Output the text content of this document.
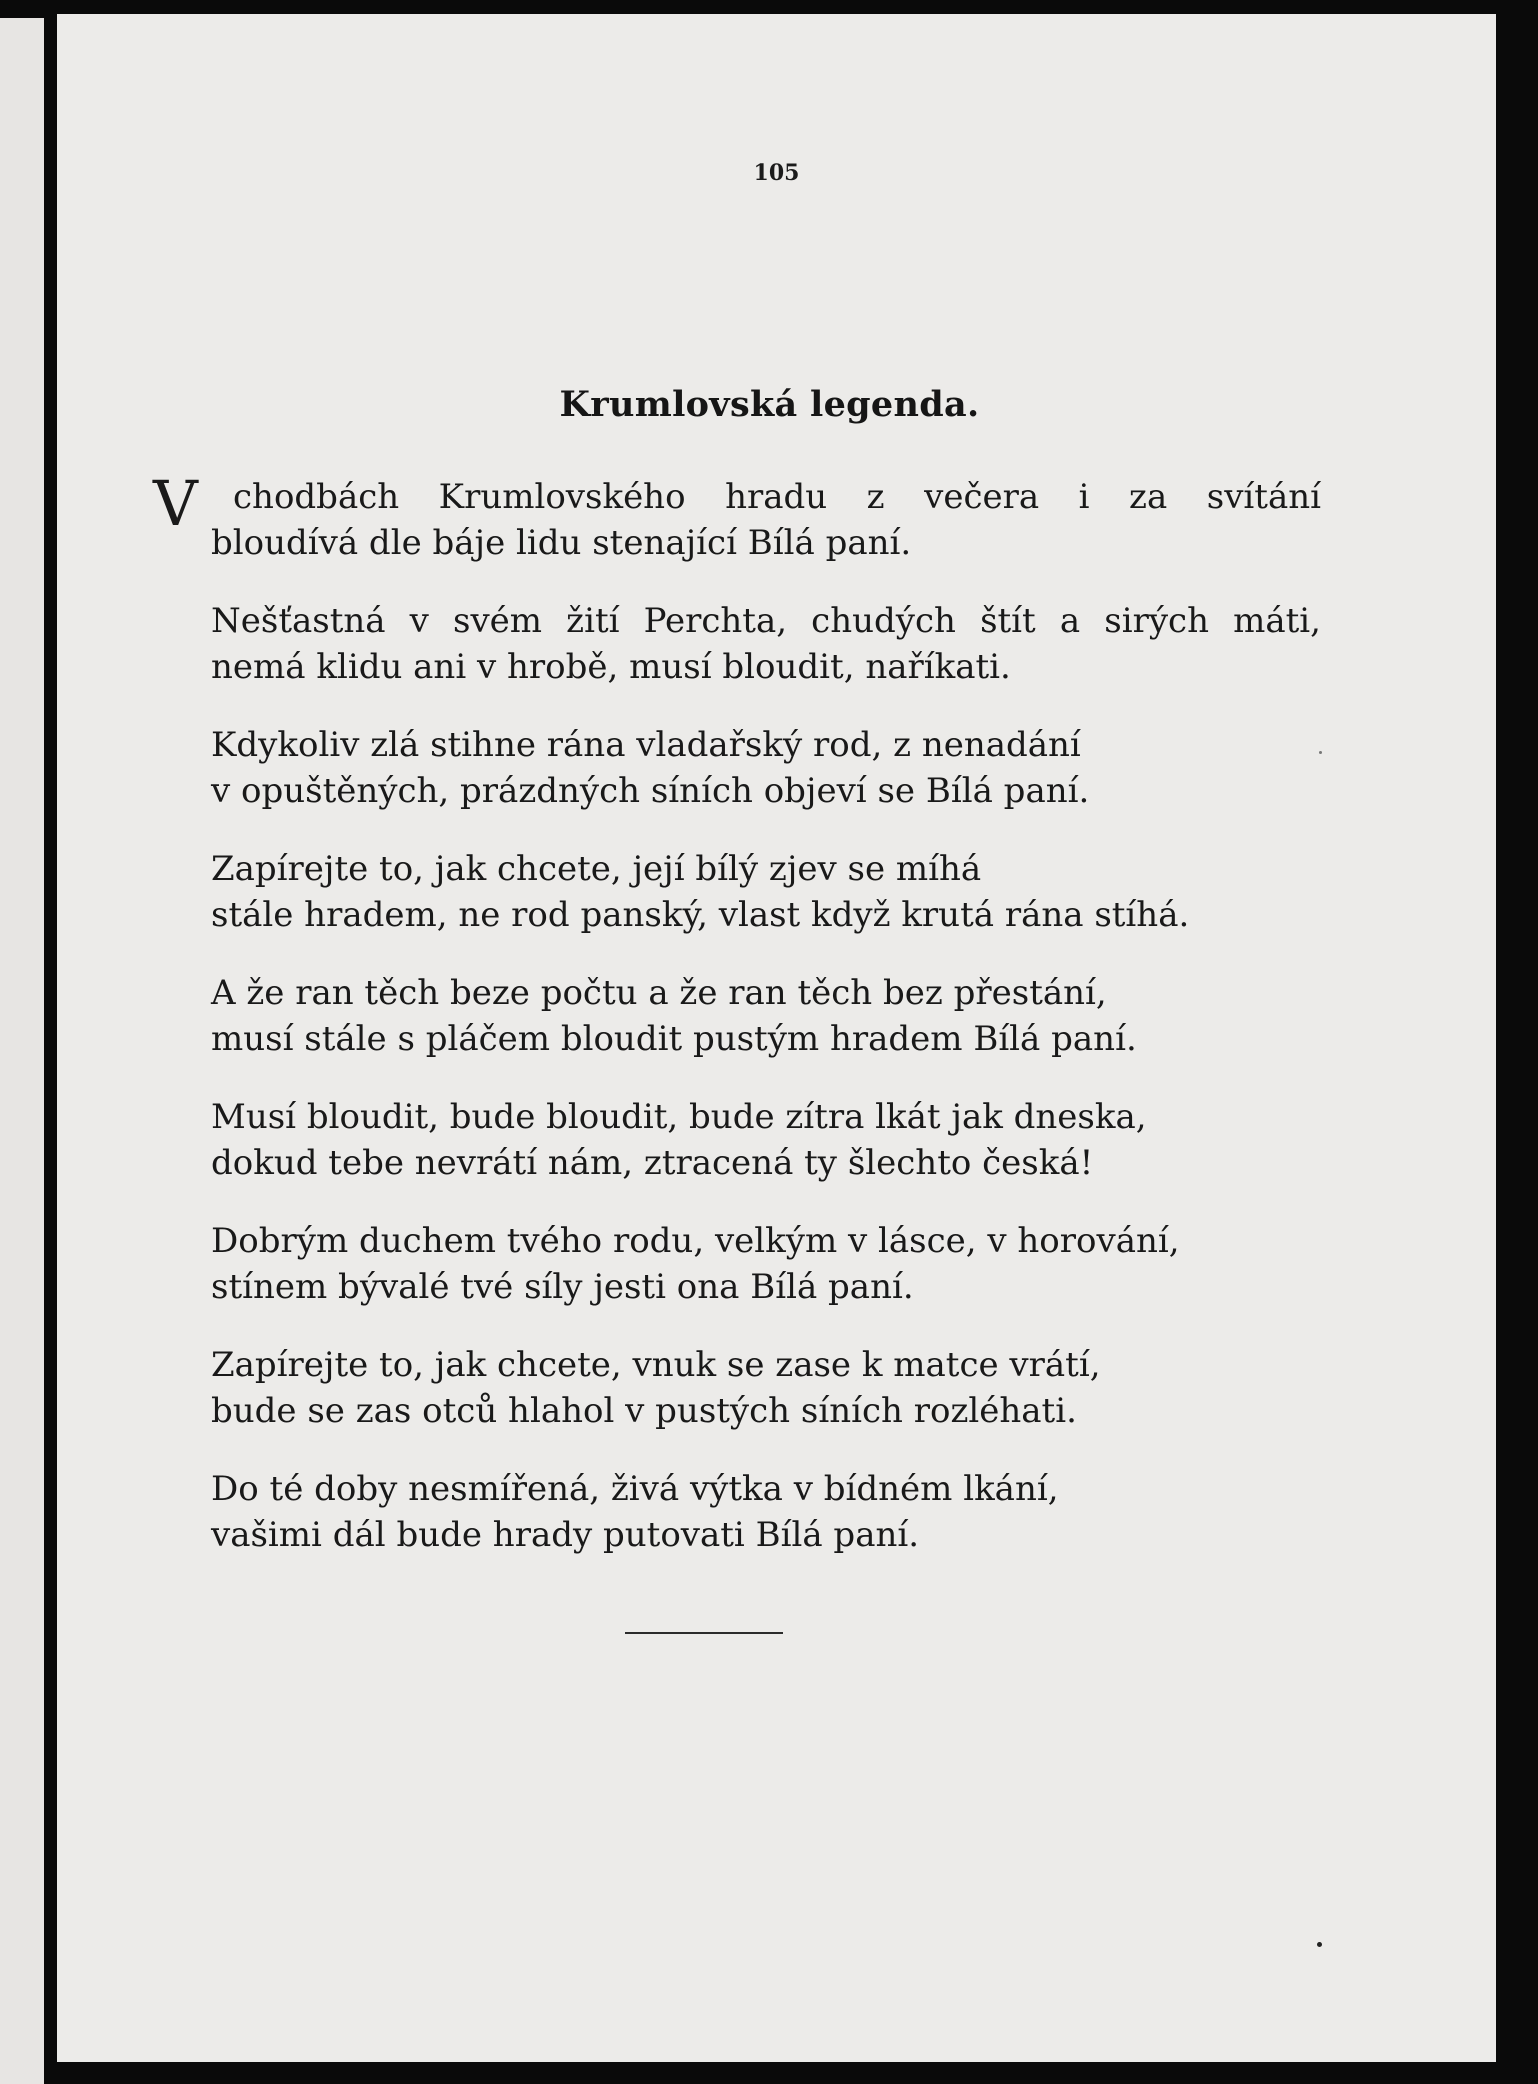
105
Krumlovská legenda.
V	chodbách Krumlovského hradu z večera i za svítání
bloudívá dle báje lidu stenající Bílá paní.

Nešťastná v svém žití Perchta, chudých štít a sirých máti,
nemá klidu ani v hrobě, musí bloudit, naříkati.

Kdykoliv zlá stihne rána vladařský rod, z nenadání
v opuštěných, prázdných síních objeví se Bílá paní.

Zapírejte to, jak chcete, její bílý zjev se míhá
stále hradem, ne rod panský, vlast když krutá rána stíhá.

A že ran těch beze počtu a že ran těch bez přestání,
musí stále s pláčem bloudit pustým hradem Bílá paní.

Musí bloudit, bude bloudit, bude zítra lkát jak dneska,
dokud tebe nevrátí nám, ztracená ty šlechto česká!

Dobrým duchem tvého rodu, velkým v lásce, v horování,
stínem bývalé tvé síly jesti ona Bílá paní.

Zapírejte to, jak chcete, vnuk se zase k matce vrátí,
bude se zas otců hlahol v pustých síních rozléhati.

Do té doby nesmířená, živá výtka v bídném lkání,
vašimi dál bude hrady putovati Bílá paní.
